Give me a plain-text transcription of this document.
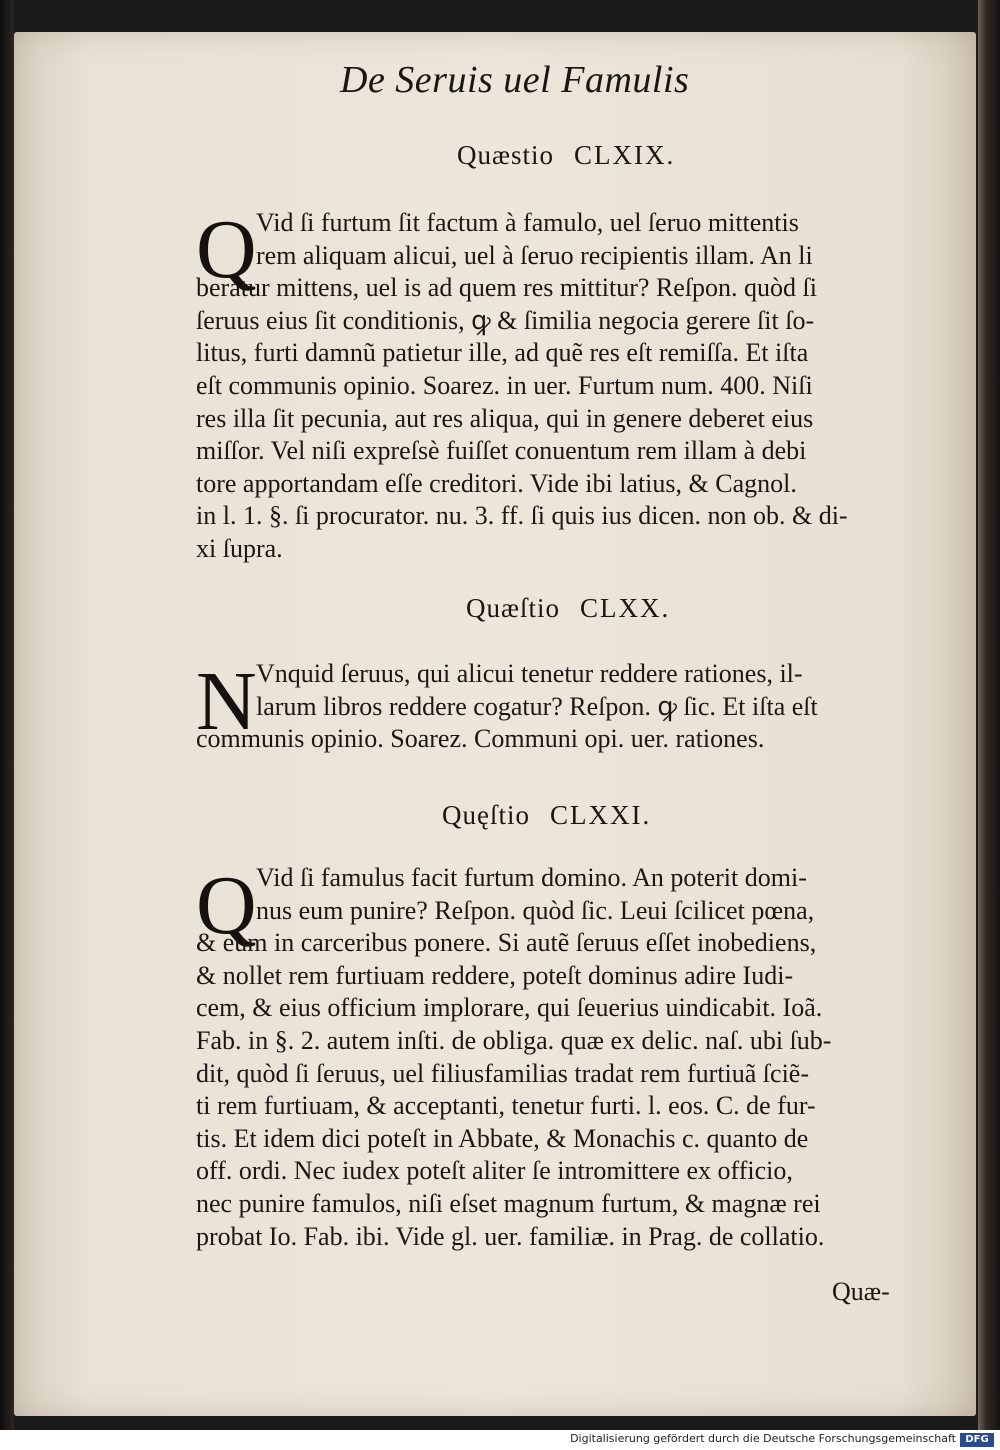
De Seruis uel Famulis
Quæstio CLXIX.
Q Vid ſi furtum ſit factum à famulo, uel ſeruo mittentis
rem aliquam alicui, uel à ſeruo recipientis illam. An li
beratur mittens, uel is ad quem res mittitur? Reſpon. quòd ſi
ſeruus eius ſit conditionis, ꝙ & ſimilia negocia gerere ſit ſo-
litus, furti damnũ patietur ille, ad quẽ res eſt remiſſa. Et iſta
eſt communis opinio. Soarez. in uer. Furtum num. 400. Niſi
res illa ſit pecunia, aut res aliqua, qui in genere deberet eius
miſſor. Vel niſi expreſsè fuiſſet conuentum rem illam à debi
tore apportandam eſſe creditori. Vide ibi latius, & Cagnol.
in l. 1. §. ſi procurator. nu. 3. ff. ſi quis ius dicen. non ob. & di-
xi ſupra.
Quæſtio CLXX.
N Vnquid ſeruus, qui alicui tenetur reddere rationes, il-
larum libros reddere cogatur? Reſpon. ꝙ ſic. Et iſta eſt
communis opinio. Soarez. Communi opi. uer. rationes.
Quęſtio CLXXI.
Q Vid ſi famulus facit furtum domino. An poterit domi-
nus eum punire? Reſpon. quòd ſic. Leui ſcilicet pœna,
& eum in carceribus ponere. Si autẽ ſeruus eſſet inobediens,
& nollet rem furtiuam reddere, poteſt dominus adire Iudi-
cem, & eius officium implorare, qui ſeuerius uindicabit. Ioã.
Fab. in §. 2. autem inſti. de obliga. quæ ex delic. naſ. ubi ſub-
dit, quòd ſi ſeruus, uel filiusfamilias tradat rem furtiuã ſciẽ-
ti rem furtiuam, & acceptanti, tenetur furti. l. eos. C. de fur-
tis. Et idem dici poteſt in Abbate, & Monachis c. quanto de
off. ordi. Nec iudex poteſt aliter ſe intromittere ex officio,
nec punire famulos, niſi eſset magnum furtum, & magnæ rei
probat Io. Fab. ibi. Vide gl. uer. familiæ. in Prag. de collatio.
Quæ-
Digitalisierung gefördert durch die Deutsche Forschungsgemeinschaft DFG
